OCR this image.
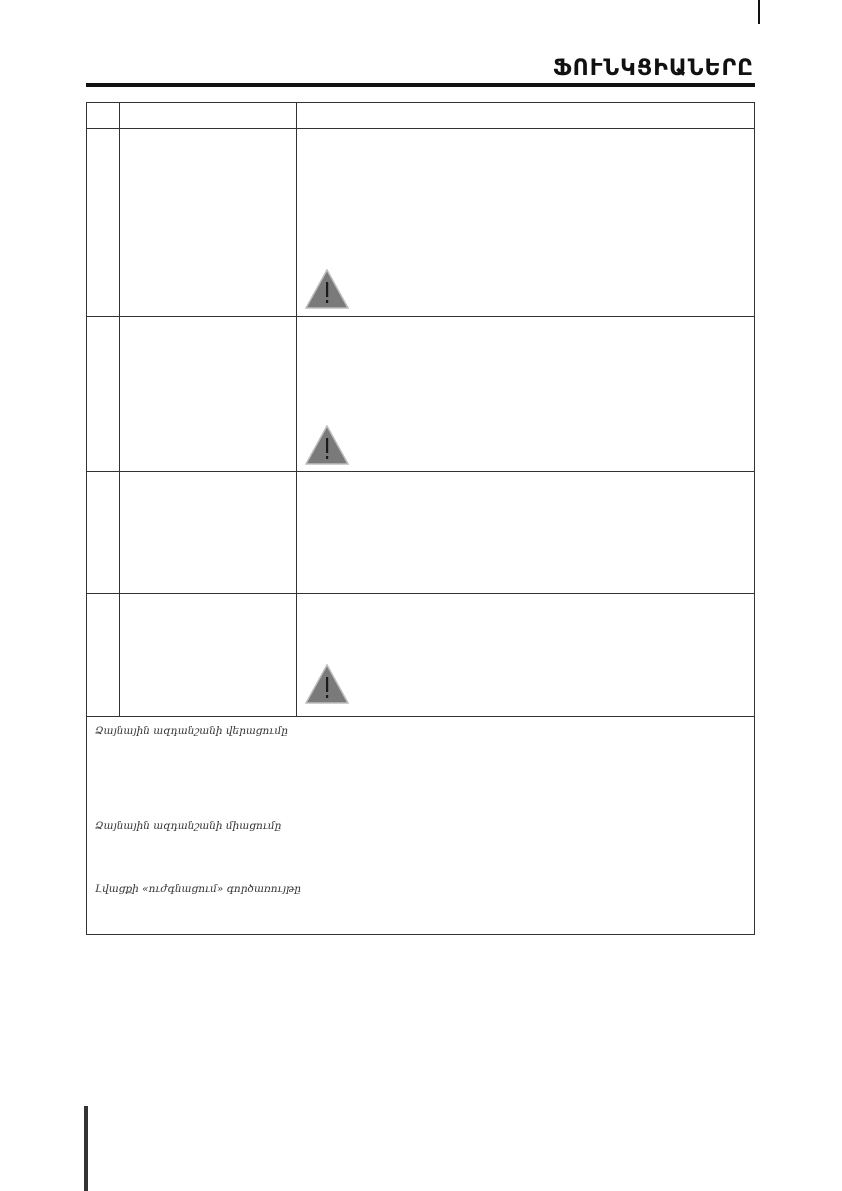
ՖՈՒՆԿՑԻԱՆԵՐԸ
Ձայնային ազդանշանի վերացումը
Ձայնային ազդանշանի միացումը
Լվացքի «ուժգնացում» գործառույթը
